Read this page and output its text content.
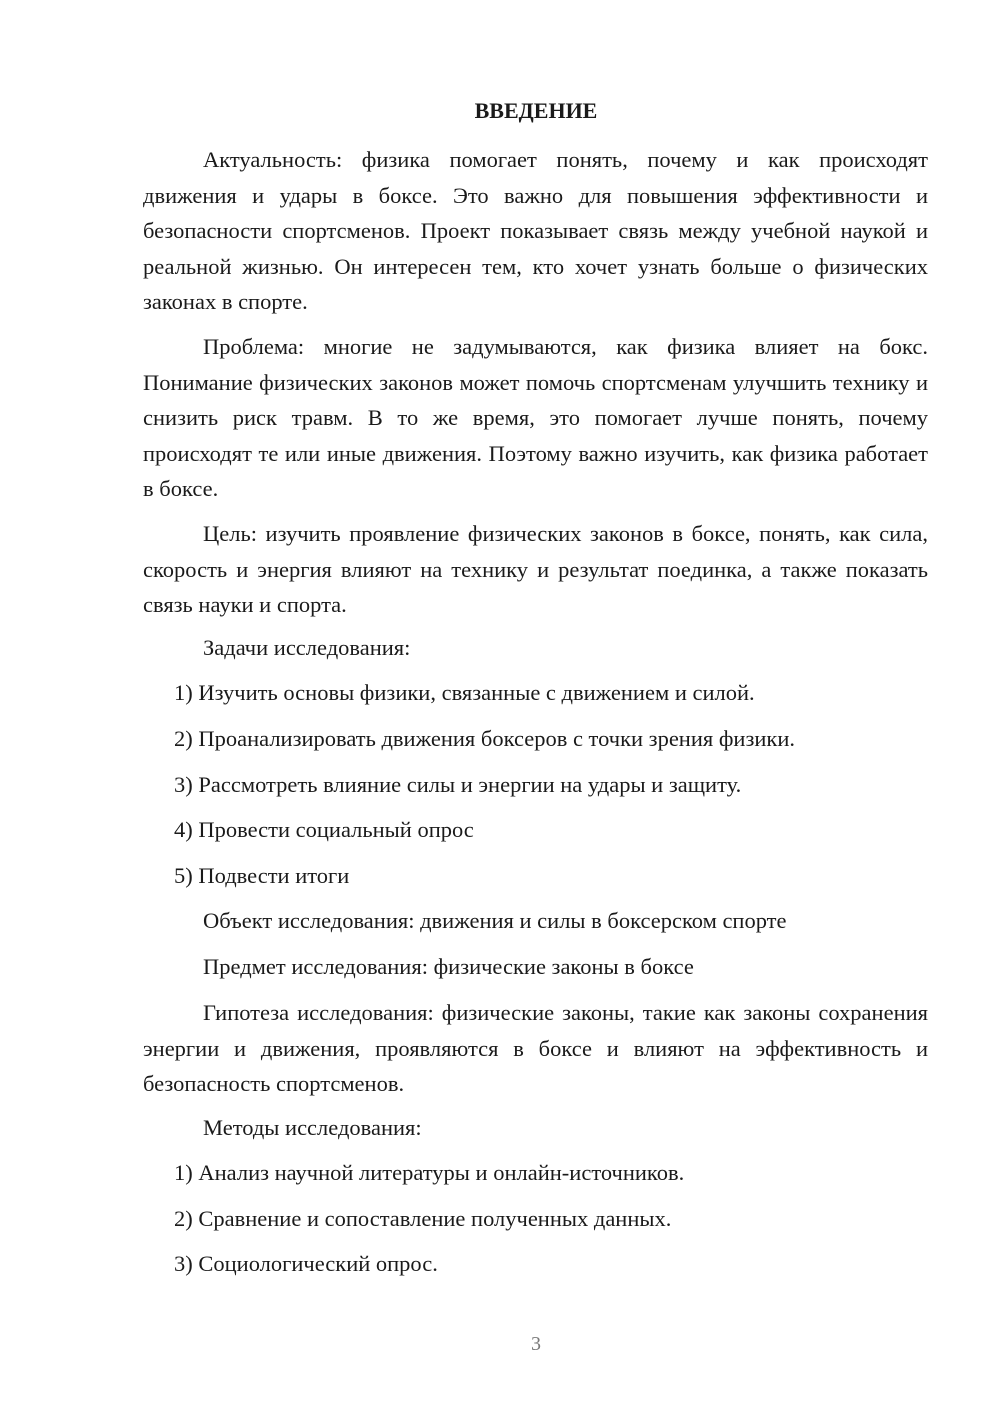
ВВЕДЕНИЕ

Актуальность: физика помогает понять, почему и как происходят движения и удары в боксе. Это важно для повышения эффективности и безопасности спортсменов. Проект показывает связь между учебной наукой и реальной жизнью. Он интересен тем, кто хочет узнать больше о физических законах в спорте.

Проблема: многие не задумываются, как физика влияет на бокс. Понимание физических законов может помочь спортсменам улучшить технику и снизить риск травм. В то же время, это помогает лучше понять, почему происходят те или иные движения. Поэтому важно изучить, как физика работает в боксе.

Цель: изучить проявление физических законов в боксе, понять, как сила, скорость и энергия влияют на технику и результат поединка, а также показать связь науки и спорта.

Задачи исследования:

1) Изучить основы физики, связанные с движением и силой.

2) Проанализировать движения боксеров с точки зрения физики.

3) Рассмотреть влияние силы и энергии на удары и защиту.

4) Провести социальный опрос

5) Подвести итоги

Объект исследования: движения и силы в боксерском спорте

Предмет исследования: физические законы в боксе

Гипотеза исследования: физические законы, такие как законы сохранения энергии и движения, проявляются в боксе и влияют на эффективность и безопасность спортсменов.

Методы исследования:

1) Анализ научной литературы и онлайн-источников.

2) Сравнение и сопоставление полученных данных.

3) Социологический опрос.

3
